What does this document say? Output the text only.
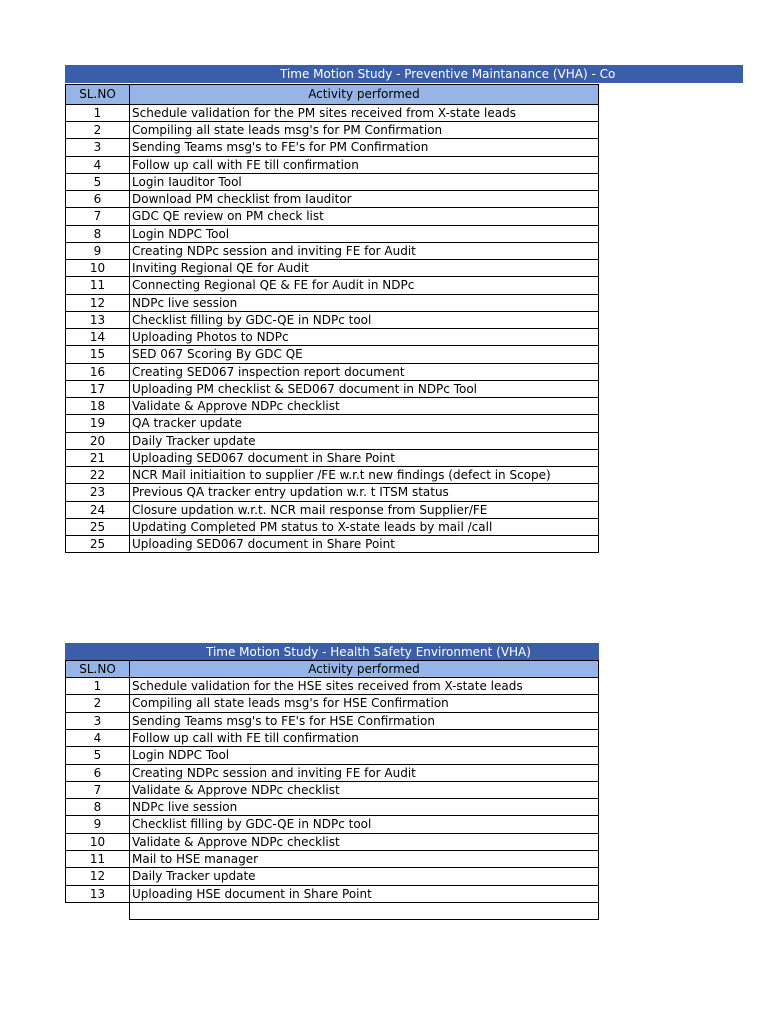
Time Motion Study - Preventive Maintanance (VHA) - Co
SL.NO	Activity performed
1	Schedule validation for the PM sites received from X-state leads
2	Compiling all state leads msg's for PM Confirmation
3	Sending Teams msg's to FE's for PM Confirmation
4	Follow up call with FE till confirmation
5	Login Iauditor Tool
6	Download PM checklist from Iauditor
7	GDC QE review on PM check list
8	Login NDPC Tool
9	Creating NDPc session and inviting FE for Audit
10	Inviting Regional QE for Audit
11	Connecting Regional QE & FE for Audit in NDPc
12	NDPc live session
13	Checklist filling by GDC-QE in NDPc tool
14	Uploading Photos to NDPc
15	SED 067 Scoring By GDC QE
16	Creating SED067 inspection report document
17	Uploading PM checklist & SED067 document in NDPc Tool
18	Validate & Approve NDPc checklist
19	QA tracker update
20	Daily Tracker update
21	Uploading SED067 document in Share Point
22	NCR Mail initiaition to supplier /FE w.r.t new findings (defect in Scope)
23	Previous QA tracker entry updation w.r. t ITSM status
24	Closure updation w.r.t. NCR mail response from Supplier/FE
25	Updating Completed PM status to X-state leads by mail /call
25	Uploading SED067 document in Share Point
Time Motion Study - Health Safety Environment (VHA)
SL.NO	Activity performed
1	Schedule validation for the HSE sites received from X-state leads
2	Compiling all state leads msg's for HSE Confirmation
3	Sending Teams msg's to FE's for HSE Confirmation
4	Follow up call with FE till confirmation
5	Login NDPC Tool
6	Creating NDPc session and inviting FE for Audit
7	Validate & Approve NDPc checklist
8	NDPc live session
9	Checklist filling by GDC-QE in NDPc tool
10	Validate & Approve NDPc checklist
11	Mail to HSE manager
12	Daily Tracker update
13	Uploading HSE document in Share Point
